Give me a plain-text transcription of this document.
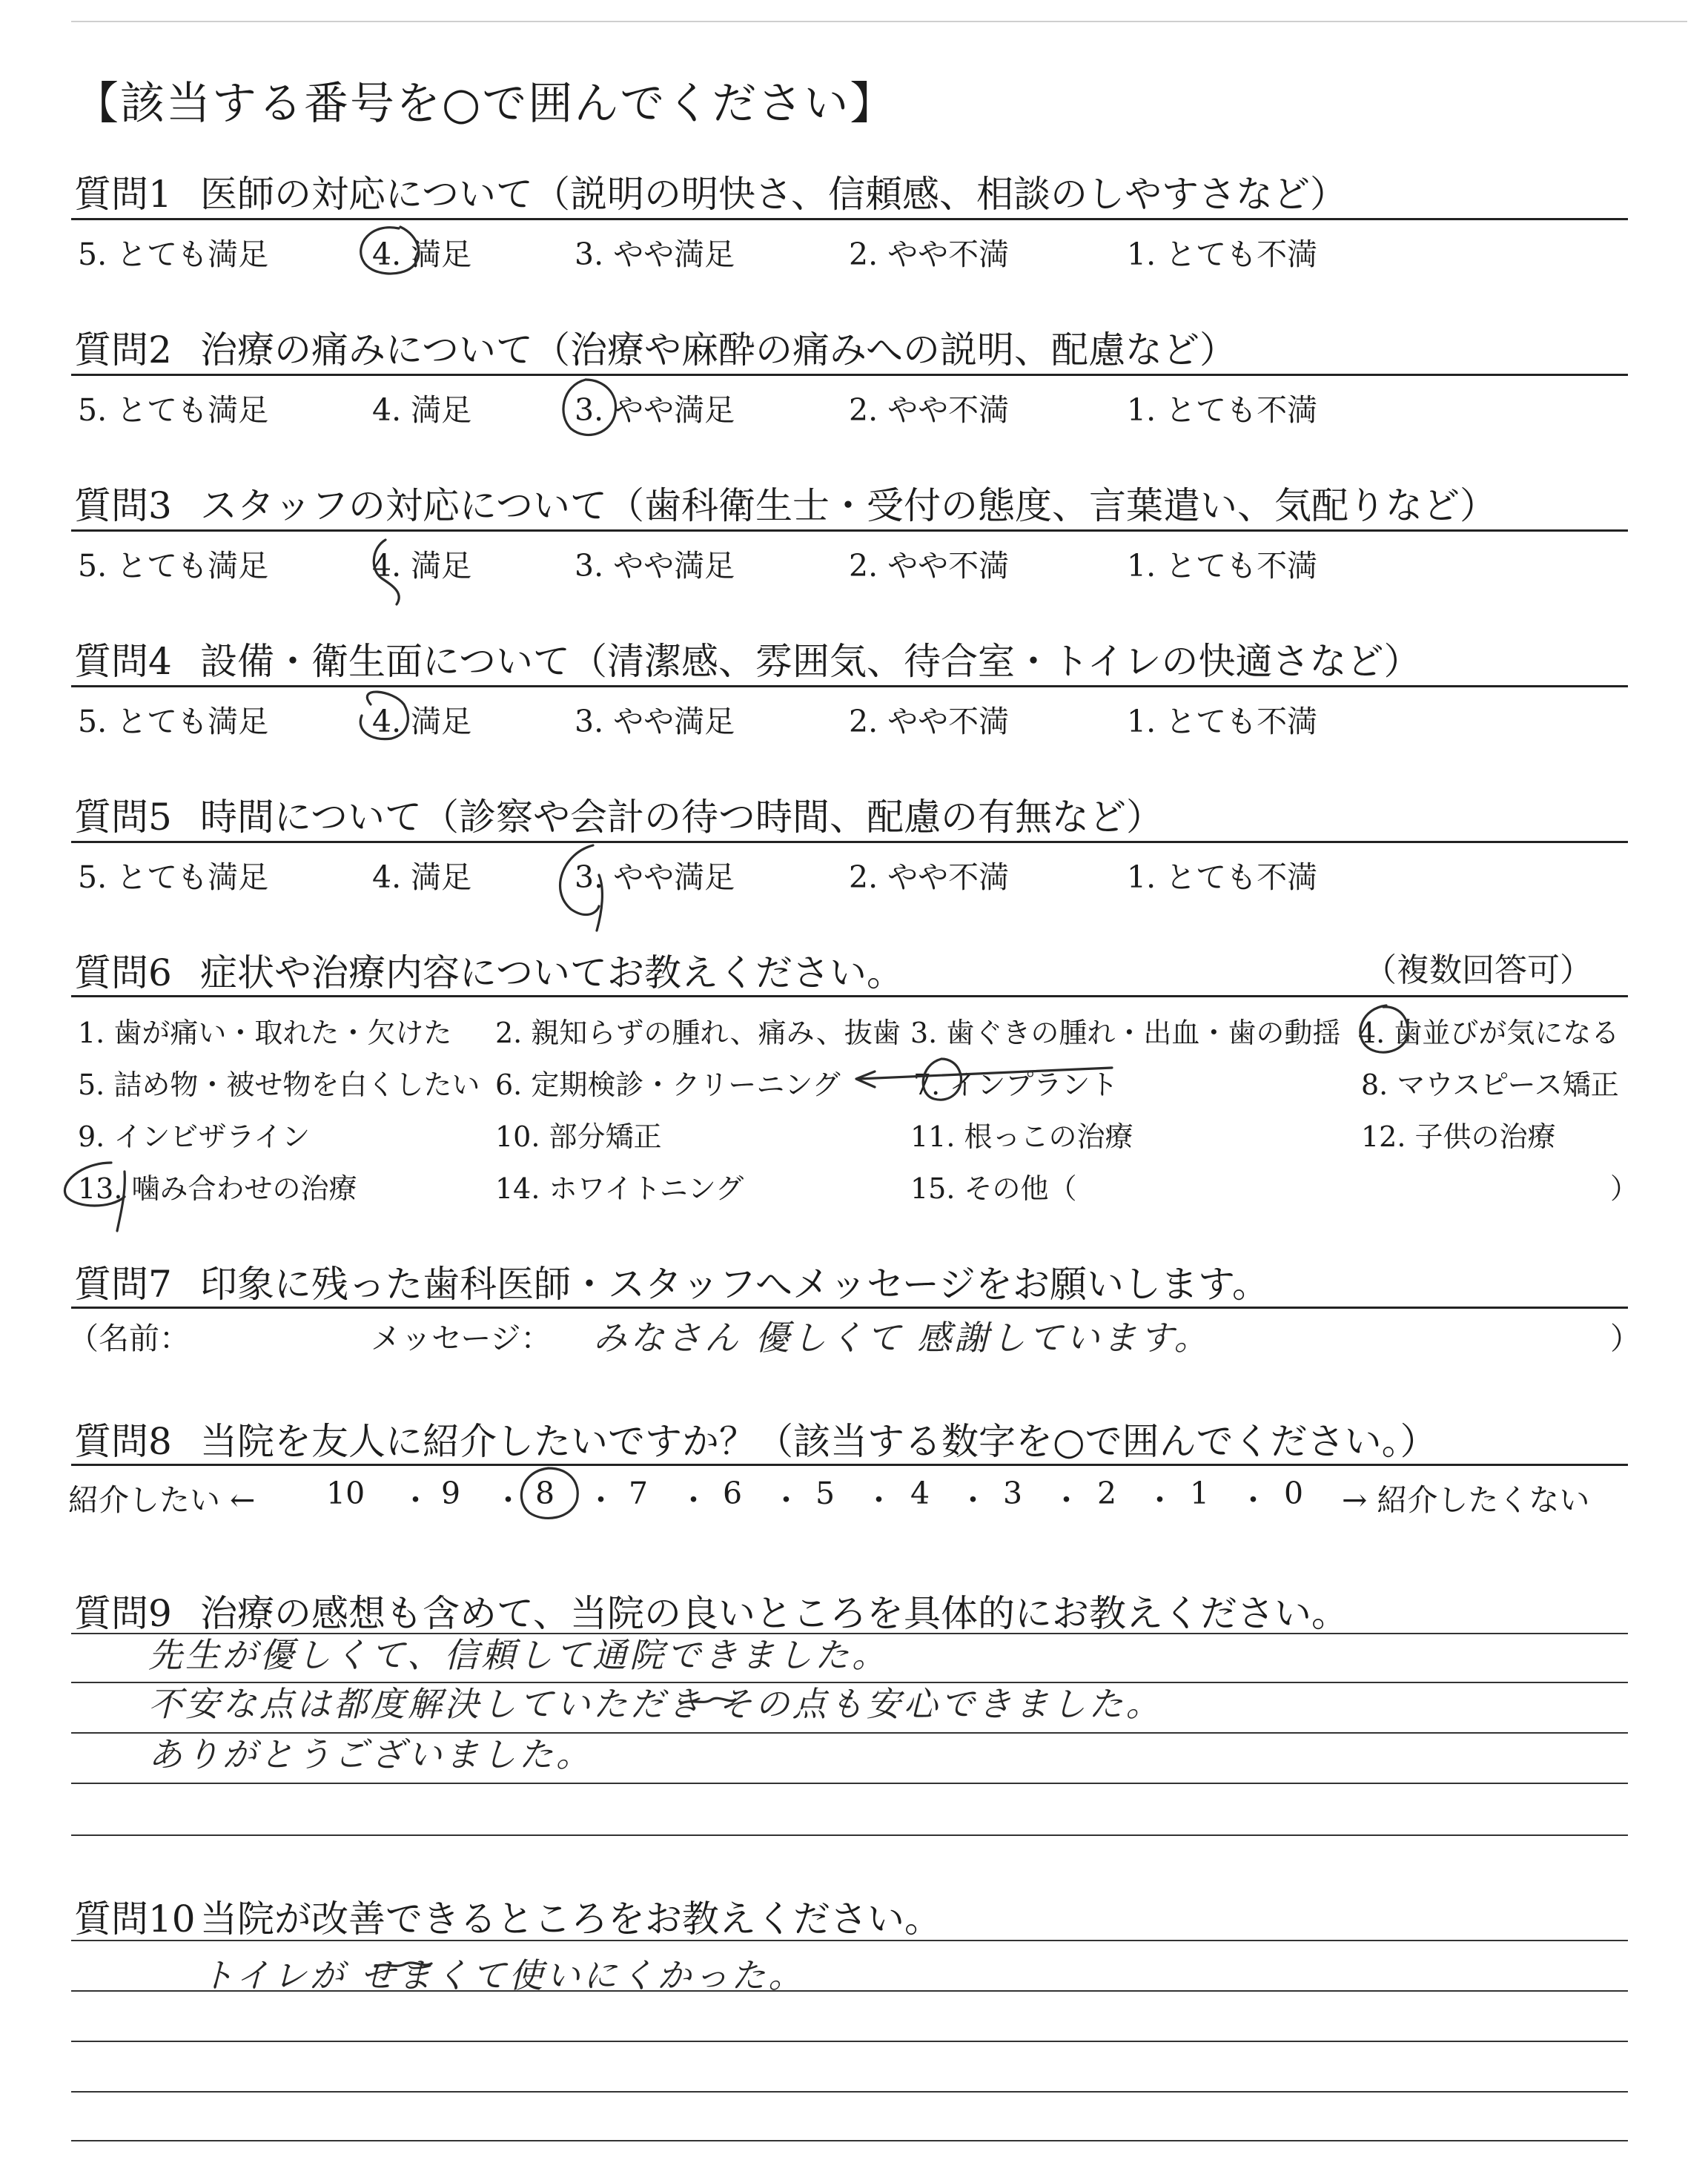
【該当する番号を○で囲んでください】
質問1 医師の対応について（説明の明快さ、信頼感、相談のしやすさなど）
5. とても満足	4. 満足	3. やや満足	2. やや不満	1. とても不満
質問2 治療の痛みについて（治療や麻酔の痛みへの説明、配慮など）
5. とても満足	4. 満足	3. やや満足	2. やや不満	1. とても不満
質問3 スタッフの対応について（歯科衛生士・受付の態度、言葉遣い、気配りなど）
5. とても満足	4. 満足	3. やや満足	2. やや不満	1. とても不満
質問4 設備・衛生面について（清潔感、雰囲気、待合室・トイレの快適さなど）
5. とても満足	4. 満足	3. やや満足	2. やや不満	1. とても不満
質問5 時間について（診察や会計の待つ時間、配慮の有無など）
5. とても満足	4. 満足	3. やや満足	2. やや不満	1. とても不満
質問6 症状や治療内容についてお教えください。	（複数回答可）
1. 歯が痛い・取れた・欠けた 2. 親知らずの腫れ、痛み、抜歯 3. 歯ぐきの腫れ・出血・歯の動揺 4. 歯並びが気になる
5. 詰め物・被せ物を白くしたい 6. 定期検診・クリーニング	7. インプラント	8. マウスピース矯正
9. インビザライン	10. 部分矯正	11. 根っこの治療	12. 子供の治療
13. 噛み合わせの治療	14. ホワイトニング	15. その他（	）
質問7 印象に残った歯科医師・スタッフへメッセージをお願いします。
（名前：	メッセージ： みなさん 優しくて 感謝しています。	）
質問8 当院を友人に紹介したいですか？（該当する数字を○で囲んでください。）
紹介したい ← 10 ・ 9 ・ 8 ・ 7 ・ 6 ・ 5 ・ 4 ・ 3 ・ 2 ・ 1 ・ 0 → 紹介したくない
質問9 治療の感想も含めて、当院の良いところを具体的にお教えください。
先生が優しくて、信頼して通院できました。
不安な点は都度解決していただき その点も安心できました。
ありがとうございました。
質問10 当院が改善できるところをお教えください。
トイレが せまくて使いにくかった。
